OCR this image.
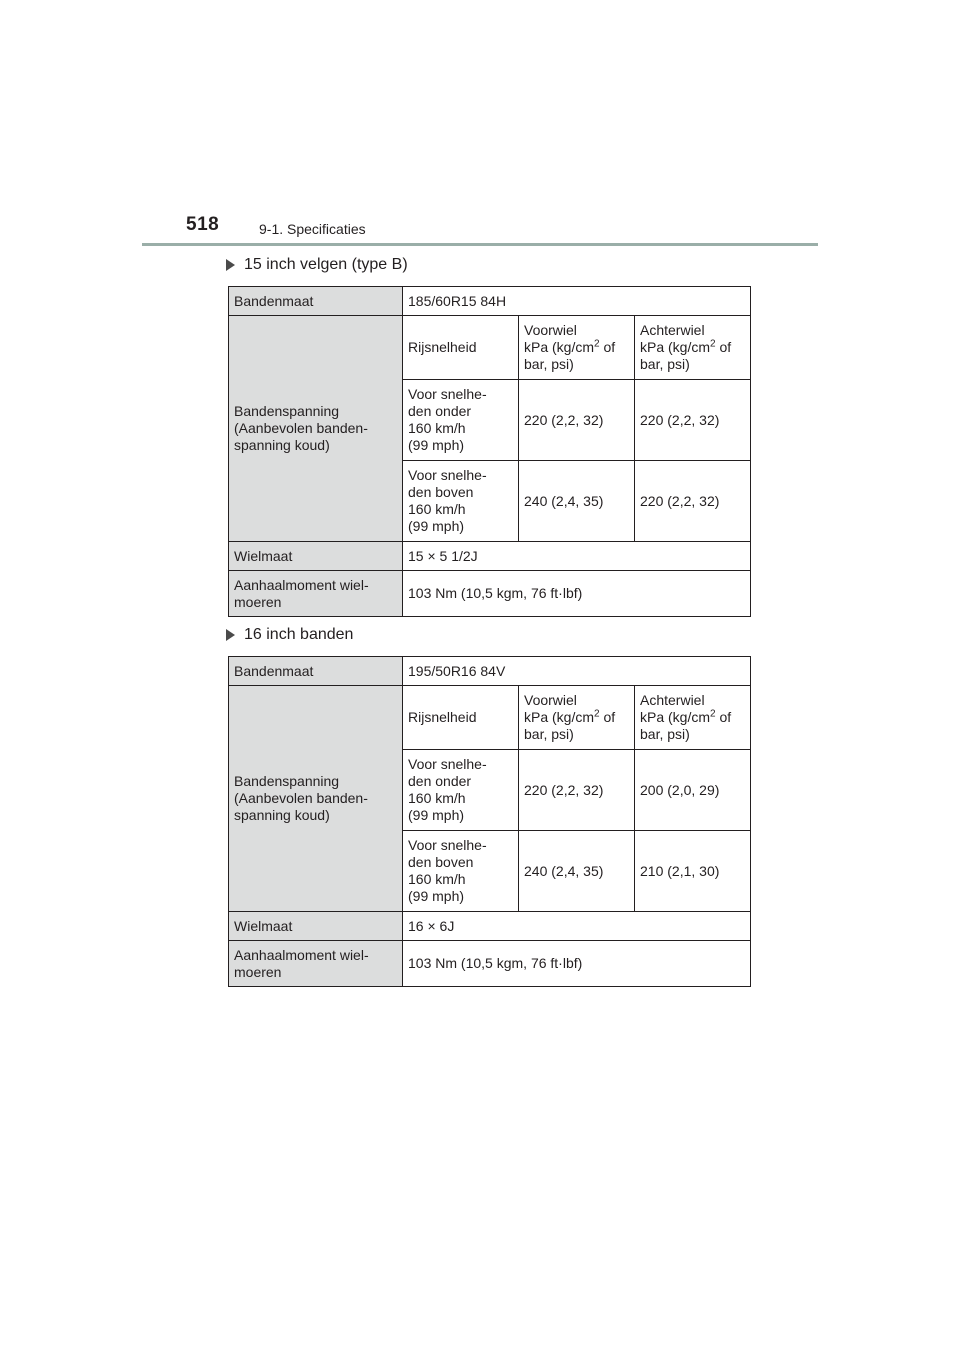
518	9-1. Specificaties
15 inch velgen (type B)
Bandenmaat	185/60R15 84H		
Bandenspanning
(Aanbevolen banden-
spanning koud)	Rijsnelheid	Voorwiel
kPa ($kg/cm^2$ of
bar, psi)	Achterwiel
kPa ($kg/cm^2$ of
bar, psi)
	Voor snelhe-
den onder
160 km/h
(99 mph)	220 (2,2, 32)	220 (2,2, 32)
	Voor snelhe-
den boven
160 km/h
(99 mph)	240 (2,4, 35)	220 (2,2, 32)
Wielmaat	15 × 5 1/2J		
Aanhaalmoment wiel-
moeren	103 Nm (10,5 kgm, 76 ft·lbf)		
16 inch banden
Bandenmaat	195/50R16 84V		
Bandenspanning
(Aanbevolen banden-
spanning koud)	Rijsnelheid	Voorwiel
kPa ($kg/cm^2$ of
bar, psi)	Achterwiel
kPa ($kg/cm^2$ of
bar, psi)
	Voor snelhe-
den onder
160 km/h
(99 mph)	220 (2,2, 32)	200 (2,0, 29)
	Voor snelhe-
den boven
160 km/h
(99 mph)	240 (2,4, 35)	210 (2,1, 30)
Wielmaat	16 × 6J		
Aanhaalmoment wiel-
moeren	103 Nm (10,5 kgm, 76 ft·lbf)		
